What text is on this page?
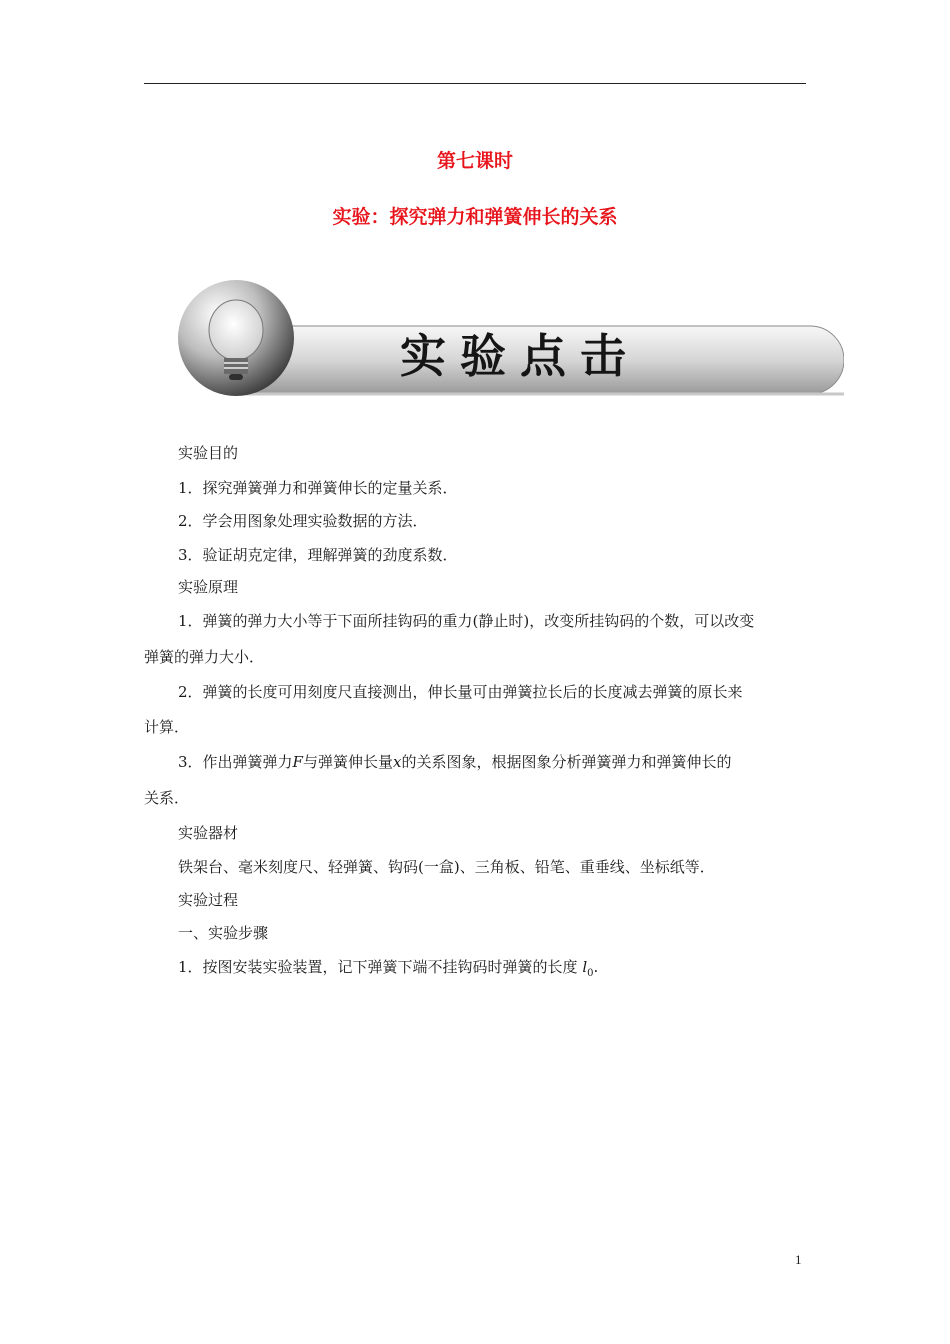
第七课时
实验：探究弹力和弹簧伸长的关系
实验点击
实验目的
1．探究弹簧弹力和弹簧伸长的定量关系．
2．学会用图象处理实验数据的方法．
3．验证胡克定律，理解弹簧的劲度系数．
实验原理
1．弹簧的弹力大小等于下面所挂钩码的重力(静止时)，改变所挂钩码的个数，可以改变
弹簧的弹力大小．
2．弹簧的长度可用刻度尺直接测出，伸长量可由弹簧拉长后的长度减去弹簧的原长来
计算．
3．作出弹簧弹力F与弹簧伸长量x的关系图象，根据图象分析弹簧弹力和弹簧伸长的
关系．
实验器材
铁架台、毫米刻度尺、轻弹簧、钩码(一盒)、三角板、铅笔、重垂线、坐标纸等．
实验过程
一、实验步骤
1．按图安装实验装置，记下弹簧下端不挂钩码时弹簧的长度 $l_0$.
1
